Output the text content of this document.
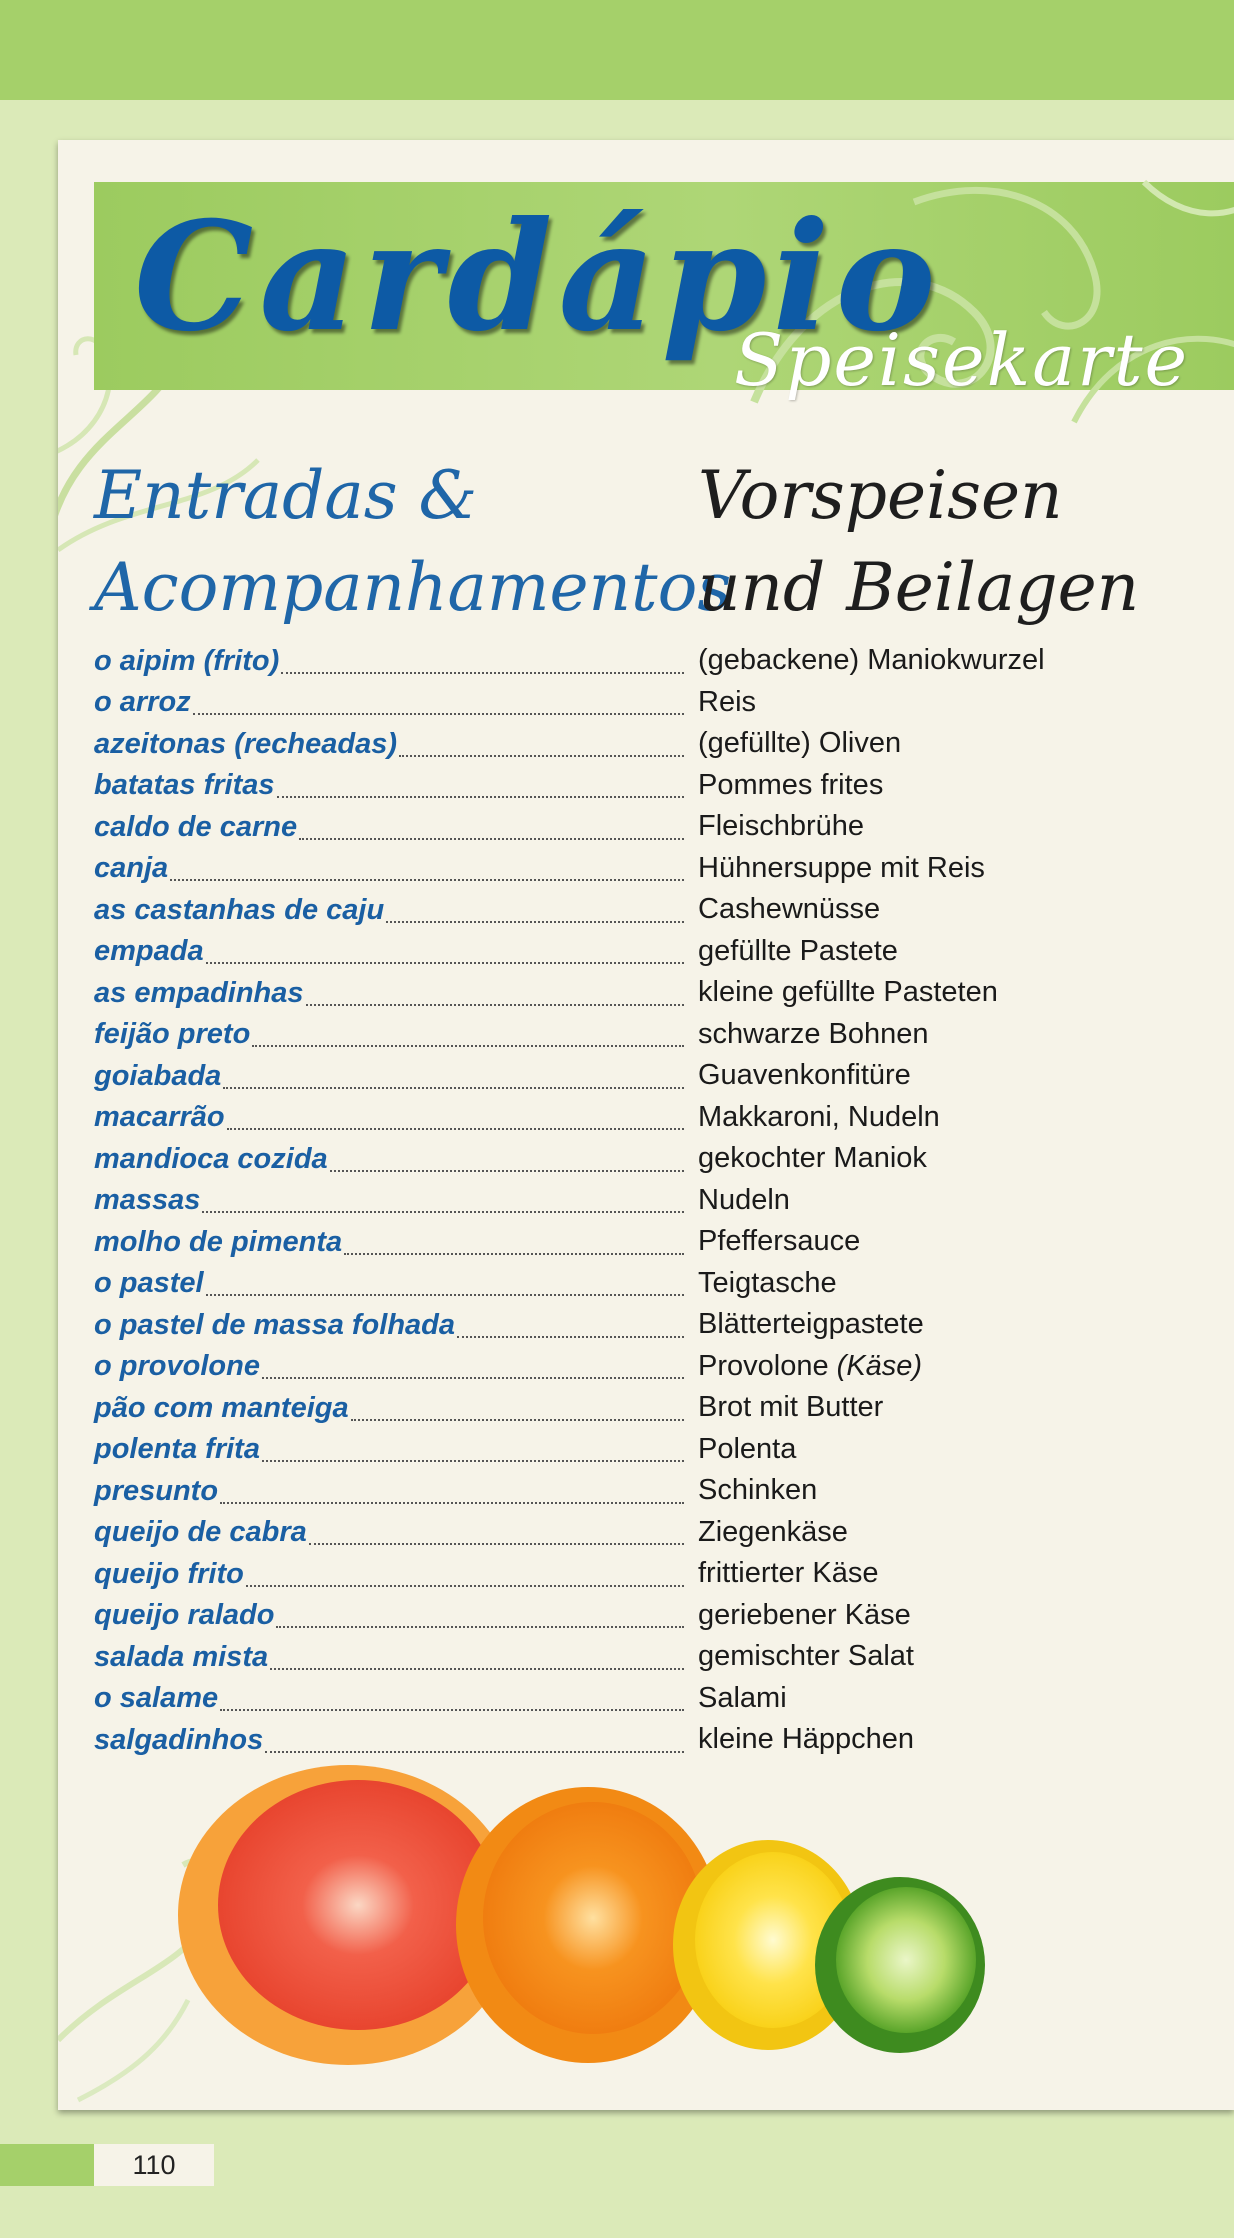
Cardápio
Speisekarte
Entradas &
Acompanhamentos
Vorspeisen
und Beilagen
o aipim (frito)	(gebackene) Maniokwurzel
o arroz	Reis
azeitonas (recheadas)	(gefüllte) Oliven
batatas fritas	Pommes frites
caldo de carne	Fleischbrühe
canja	Hühnersuppe mit Reis
as castanhas de caju	Cashewnüsse
empada	gefüllte Pastete
as empadinhas	kleine gefüllte Pasteten
feijão preto	schwarze Bohnen
goiabada	Guavenkonfitüre
macarrão	Makkaroni, Nudeln
mandioca cozida	gekochter Maniok
massas	Nudeln
molho de pimenta	Pfeffersauce
o pastel	Teigtasche
o pastel de massa folhada	Blätterteigpastete
o provolone	Provolone (Käse)
pão com manteiga	Brot mit Butter
polenta frita	Polenta
presunto	Schinken
queijo de cabra	Ziegenkäse
queijo frito	frittierter Käse
queijo ralado	geriebener Käse
salada mista	gemischter Salat
o salame	Salami
salgadinhos	kleine Häppchen
110
